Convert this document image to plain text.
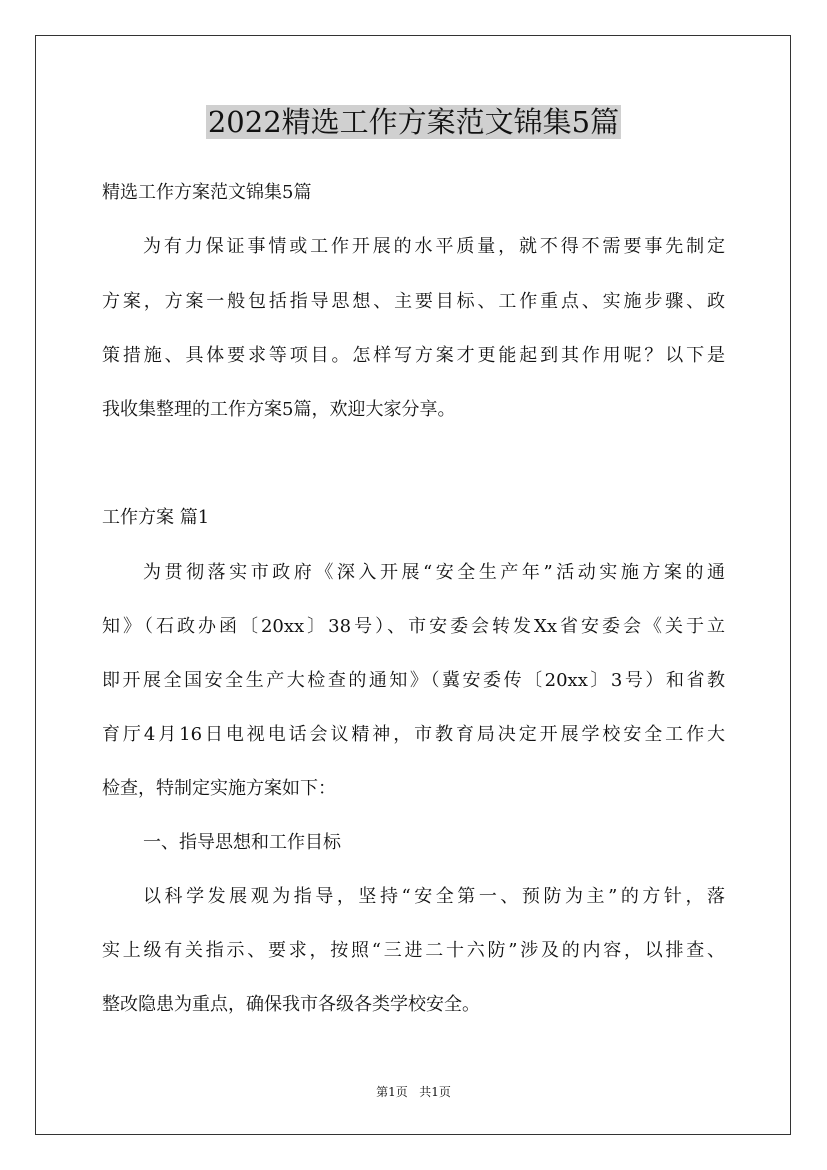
2022精选工作方案范文锦集5篇
精选工作方案范文锦集5篇
为有力保证事情或工作开展的水平质量，就不得不需要事先制定
方案，方案一般包括指导思想、主要目标、工作重点、实施步骤、政
策措施、具体要求等项目。怎样写方案才更能起到其作用呢？以下是
我收集整理的工作方案5篇，欢迎大家分享。
工作方案 篇1
为贯彻落实市政府《深入开展“安全生产年”活动实施方案的通
知》（石政办函〔20xx〕38号）、市安委会转发Xx省安委会《关于立
即开展全国安全生产大检查的通知》（冀安委传〔20xx〕3号）和省教
育厅4月16日电视电话会议精神，市教育局决定开展学校安全工作大
检查，特制定实施方案如下：
一、指导思想和工作目标
以科学发展观为指导，坚持“安全第一、预防为主”的方针，落
实上级有关指示、要求，按照“三进二十六防”涉及的内容，以排查、
整改隐患为重点，确保我市各级各类学校安全。
第1页 共1页
